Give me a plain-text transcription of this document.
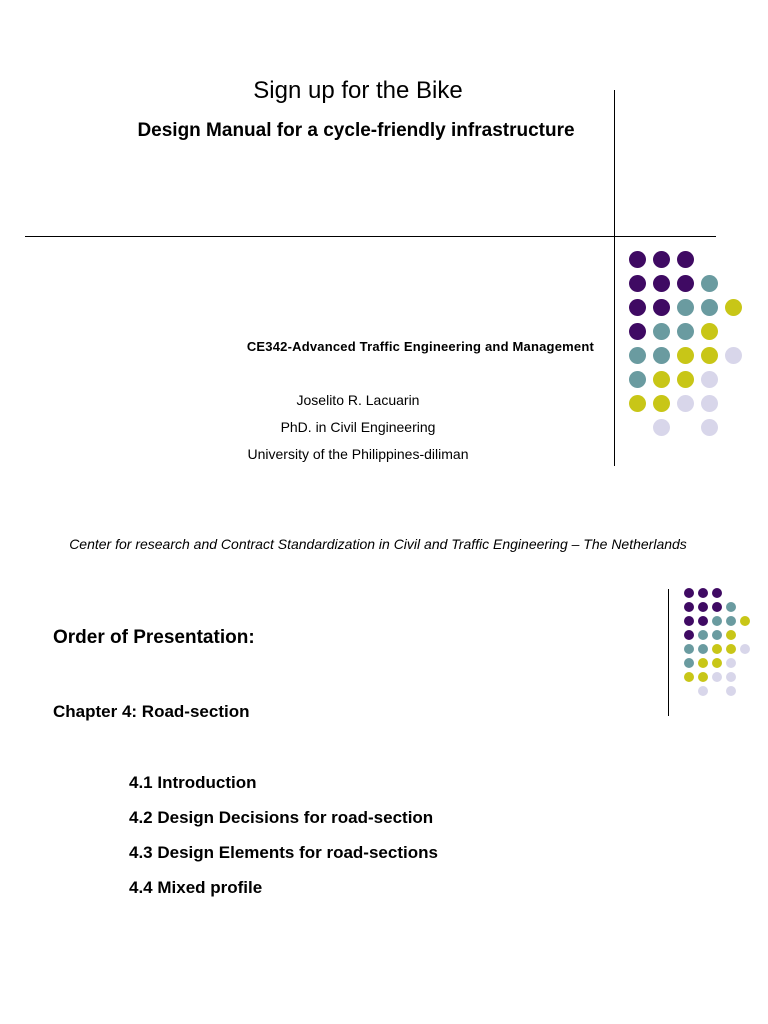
Sign up for the Bike
Design Manual for a cycle-friendly infrastructure
CE342-Advanced Traffic Engineering and Management
Joselito R. Lacuarin
PhD. in Civil Engineering
University of the Philippines-diliman
Center for research and Contract Standardization in Civil and Traffic Engineering – The Netherlands
Order of Presentation:
Chapter 4: Road-section
4.1 Introduction
4.2 Design Decisions for road-section
4.3 Design Elements for road-sections
4.4 Mixed profile
